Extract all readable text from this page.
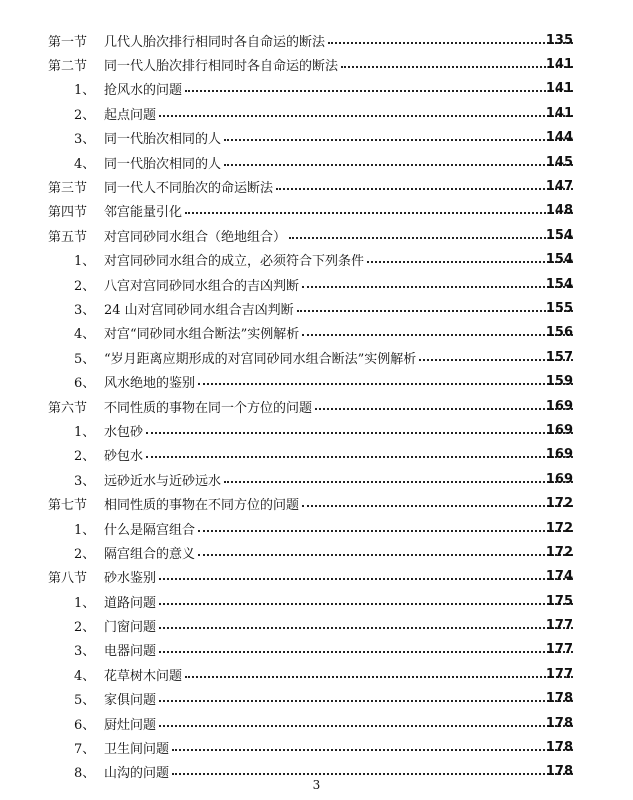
第一节	几代人胎次排行相同时各自命运的断法	135
第二节	同一代人胎次排行相同时各自命运的断法	141
1、 抢风水的问题	141
2、 起点问题	141
3、 同一代胎次相同的人	144
4、 同一代胎次相同的人	145
第三节	同一代人不同胎次的命运断法	147
第四节	邻宫能量引化	148
第五节	对宫同砂同水组合（绝地组合）	154
1、 对宫同砂同水组合的成立，必须符合下列条件	154
2、 八宫对宫同砂同水组合的吉凶判断	154
3、 24 山对宫同砂同水组合吉凶判断	155
4、 对宫“同砂同水组合断法”实例解析	156
5、 “岁月距离应期形成的对宫同砂同水组合断法”实例解析	157
6、 风水绝地的鉴别	159
第六节	不同性质的事物在同一个方位的问题	169
1、 水包砂	169
2、 砂包水	169
3、 远砂近水与近砂远水	169
第七节	相同性质的事物在不同方位的问题	172
1、 什么是隔宫组合	172
2、 隔宫组合的意义	172
第八节	砂水鉴别	174
1、 道路问题	175
2、 门窗问题	177
3、 电器问题	177
4、 花草树木问题	177
5、 家俱问题	178
6、 厨灶问题	178
7、 卫生间问题	178
8、 山沟的问题	178
3
